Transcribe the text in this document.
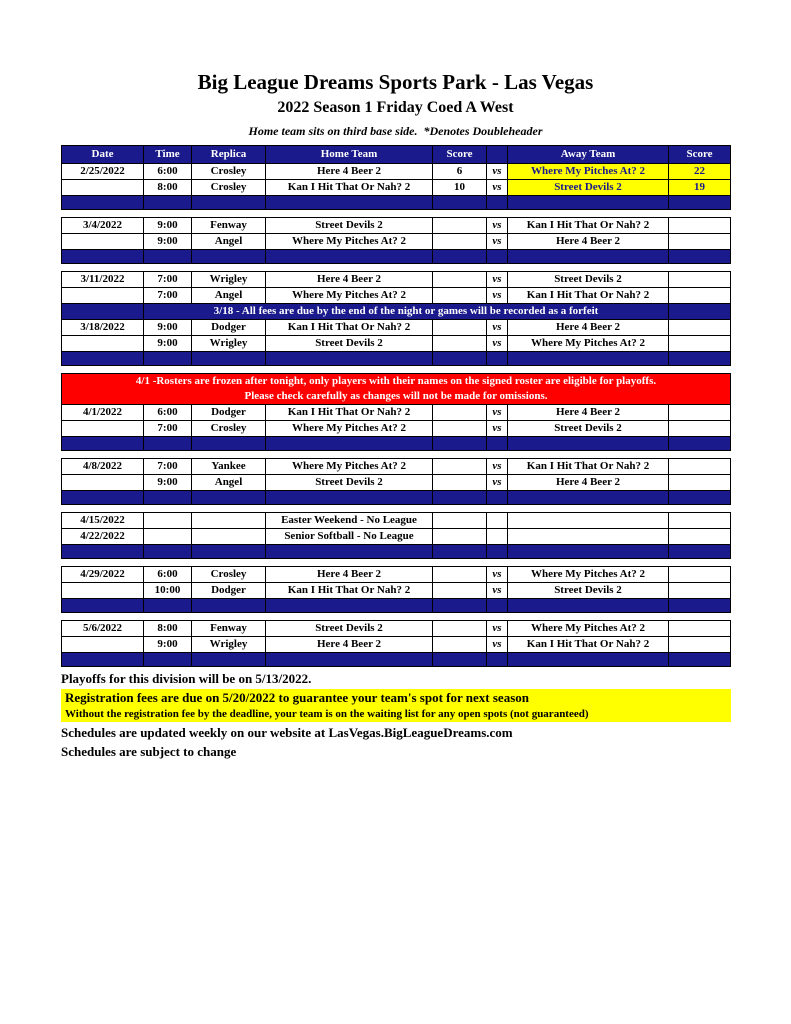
Big League Dreams Sports Park - Las Vegas
2022 Season 1 Friday Coed A West
Home team sits on third base side.  *Denotes Doubleheader
Date	Time	Replica	Home Team	Score	Away Team	Score
2/25/2022	6:00	Crosley	Here 4 Beer 2	6	vs	Where My Pitches At? 2	22
8:00	Crosley	Kan I Hit That Or Nah? 2	10	vs	Street Devils 2	19
3/4/2022	9:00	Fenway	Street Devils 2	vs	Kan I Hit That Or Nah? 2
9:00	Angel	Where My Pitches At? 2	vs	Here 4 Beer 2
3/11/2022	7:00	Wrigley	Here 4 Beer 2	vs	Street Devils 2
7:00	Angel	Where My Pitches At? 2	vs	Kan I Hit That Or Nah? 2
3/18 - All fees are due by the end of the night or games will be recorded as a forfeit
3/18/2022	9:00	Dodger	Kan I Hit That Or Nah? 2	vs	Here 4 Beer 2
9:00	Wrigley	Street Devils 2	vs	Where My Pitches At? 2
4/1 -Rosters are frozen after tonight, only players with their names on the signed roster are eligible for playoffs.
Please check carefully as changes will not be made for omissions.
4/1/2022	6:00	Dodger	Kan I Hit That Or Nah? 2	vs	Here 4 Beer 2
7:00	Crosley	Where My Pitches At? 2	vs	Street Devils 2
4/8/2022	7:00	Yankee	Where My Pitches At? 2	vs	Kan I Hit That Or Nah? 2
9:00	Angel	Street Devils 2	vs	Here 4 Beer 2
4/15/2022	Easter Weekend - No League
4/22/2022	Senior Softball - No League
4/29/2022	6:00	Crosley	Here 4 Beer 2	vs	Where My Pitches At? 2
10:00	Dodger	Kan I Hit That Or Nah? 2	vs	Street Devils 2
5/6/2022	8:00	Fenway	Street Devils 2	vs	Where My Pitches At? 2
9:00	Wrigley	Here 4 Beer 2	vs	Kan I Hit That Or Nah? 2
Playoffs for this division will be on 5/13/2022.
Registration fees are due on 5/20/2022 to guarantee your team's spot for next season
Without the registration fee by the deadline, your team is on the waiting list for any open spots (not guaranteed)
Schedules are updated weekly on our website at LasVegas.BigLeagueDreams.com
Schedules are subject to change
